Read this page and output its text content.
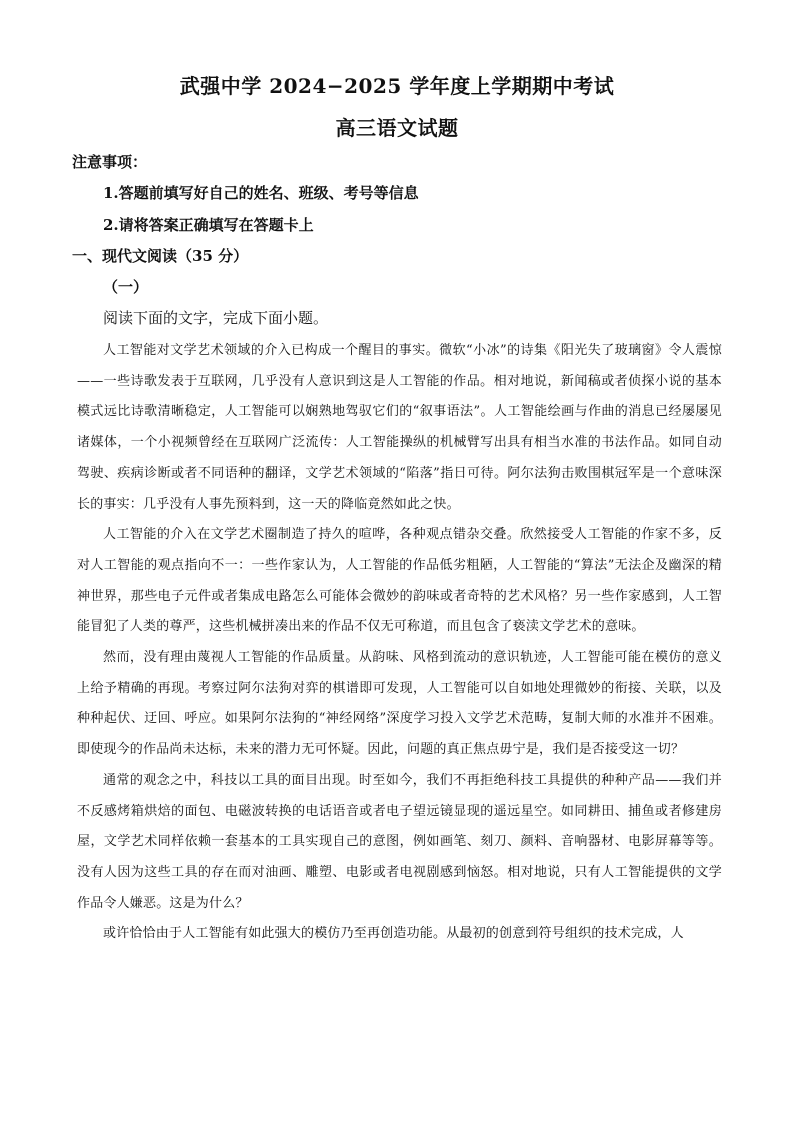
武强中学 2024−2025 学年度上学期期中考试
高三语文试题
注意事项：
1.答题前填写好自己的姓名、班级、考号等信息
2.请将答案正确填写在答题卡上
一、现代文阅读（35 分）
（一）
阅读下面的文字，完成下面小题。

人工智能对文学艺术领域的介入已构成一个醒目的事实。微软“小冰”的诗集《阳光失了玻璃窗》令人震惊——一些诗歌发表于互联网，几乎没有人意识到这是人工智能的作品。相对地说，新闻稿或者侦探小说的基本模式远比诗歌清晰稳定，人工智能可以娴熟地驾驭它们的“叙事语法”。人工智能绘画与作曲的消息已经屡屡见诸媒体，一个小视频曾经在互联网广泛流传：人工智能操纵的机械臂写出具有相当水准的书法作品。如同自动驾驶、疾病诊断或者不同语种的翻译，文学艺术领域的“陷落”指日可待。阿尔法狗击败围棋冠军是一个意味深长的事实：几乎没有人事先预料到，这一天的降临竟然如此之快。

人工智能的介入在文学艺术圈制造了持久的喧哗，各种观点错杂交叠。欣然接受人工智能的作家不多，反对人工智能的观点指向不一：一些作家认为，人工智能的作品低劣粗陋，人工智能的“算法”无法企及幽深的精神世界，那些电子元件或者集成电路怎么可能体会微妙的韵味或者奇特的艺术风格？另一些作家感到，人工智能冒犯了人类的尊严，这些机械拼凑出来的作品不仅无可称道，而且包含了亵渎文学艺术的意味。

然而，没有理由蔑视人工智能的作品质量。从韵味、风格到流动的意识轨迹，人工智能可能在模仿的意义上给予精确的再现。考察过阿尔法狗对弈的棋谱即可发现，人工智能可以自如地处理微妙的衔接、关联，以及种种起伏、迂回、呼应。如果阿尔法狗的“神经网络”深度学习投入文学艺术范畴，复制大师的水准并不困难。即使现今的作品尚未达标，未来的潜力无可怀疑。因此，问题的真正焦点毋宁是，我们是否接受这一切？

通常的观念之中，科技以工具的面目出现。时至如今，我们不再拒绝科技工具提供的种种产品——我们并不反感烤箱烘焙的面包、电磁波转换的电话语音或者电子望远镜显现的遥远星空。如同耕田、捕鱼或者修建房屋，文学艺术同样依赖一套基本的工具实现自己的意图，例如画笔、刻刀、颜料、音响器材、电影屏幕等等。没有人因为这些工具的存在而对油画、雕塑、电影或者电视剧感到恼怒。相对地说，只有人工智能提供的文学作品令人嫌恶。这是为什么？

或许恰恰由于人工智能有如此强大的模仿乃至再创造功能。从最初的创意到符号组织的技术完成，人
